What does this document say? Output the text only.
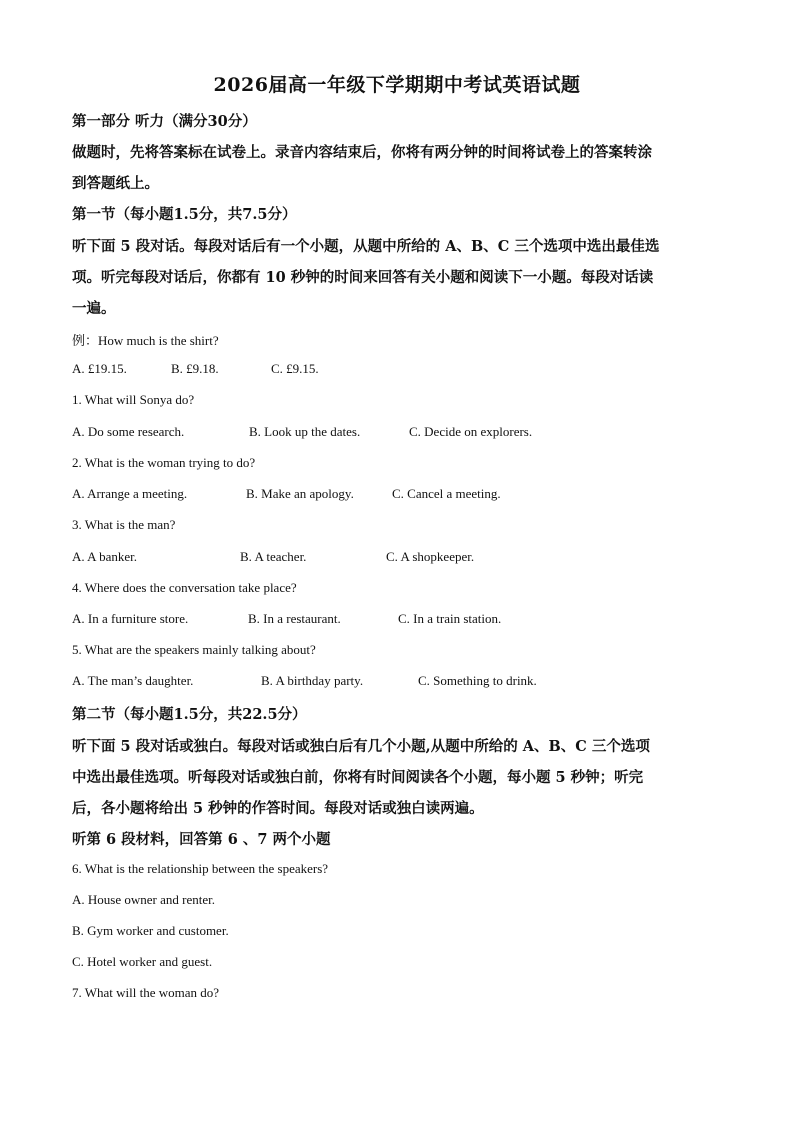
2026届高一年级下学期期中考试英语试题
第一部分 听力（满分30分）
做题时，先将答案标在试卷上。录音内容结束后，你将有两分钟的时间将试卷上的答案转涂
到答题纸上。
第一节（每小题1.5分，共7.5分）
听下面 5 段对话。每段对话后有一个小题，从题中所给的 A、B、C 三个选项中选出最佳选
项。听完每段对话后，你都有 10 秒钟的时间来回答有关小题和阅读下一小题。每段对话读
一遍。
例：How much is the shirt?
A. £19.15.	B. £9.18.	C. £9.15.
1. What will Sonya do?
A. Do some research.	B. Look up the dates.	C. Decide on explorers.
2. What is the woman trying to do?
A. Arrange a meeting.	B. Make an apology.	C. Cancel a meeting.
3. What is the man?
A. A banker.	B. A teacher.	C. A shopkeeper.
4. Where does the conversation take place?
A. In a furniture store.	B. In a restaurant.	C. In a train station.
5. What are the speakers mainly talking about?
A. The man’s daughter.	B. A birthday party.	C. Something to drink.
第二节（每小题1.5分，共22.5分）
听下面 5 段对话或独白。每段对话或独白后有几个小题,从题中所给的 A、B、C 三个选项
中选出最佳选项。听每段对话或独白前，你将有时间阅读各个小题，每小题 5 秒钟；听完
后，各小题将给出 5 秒钟的作答时间。每段对话或独白读两遍。
听第 6 段材料，回答第 6 、7 两个小题
6. What is the relationship between the speakers?
A. House owner and renter.
B. Gym worker and customer.
C. Hotel worker and guest.
7. What will the woman do?
